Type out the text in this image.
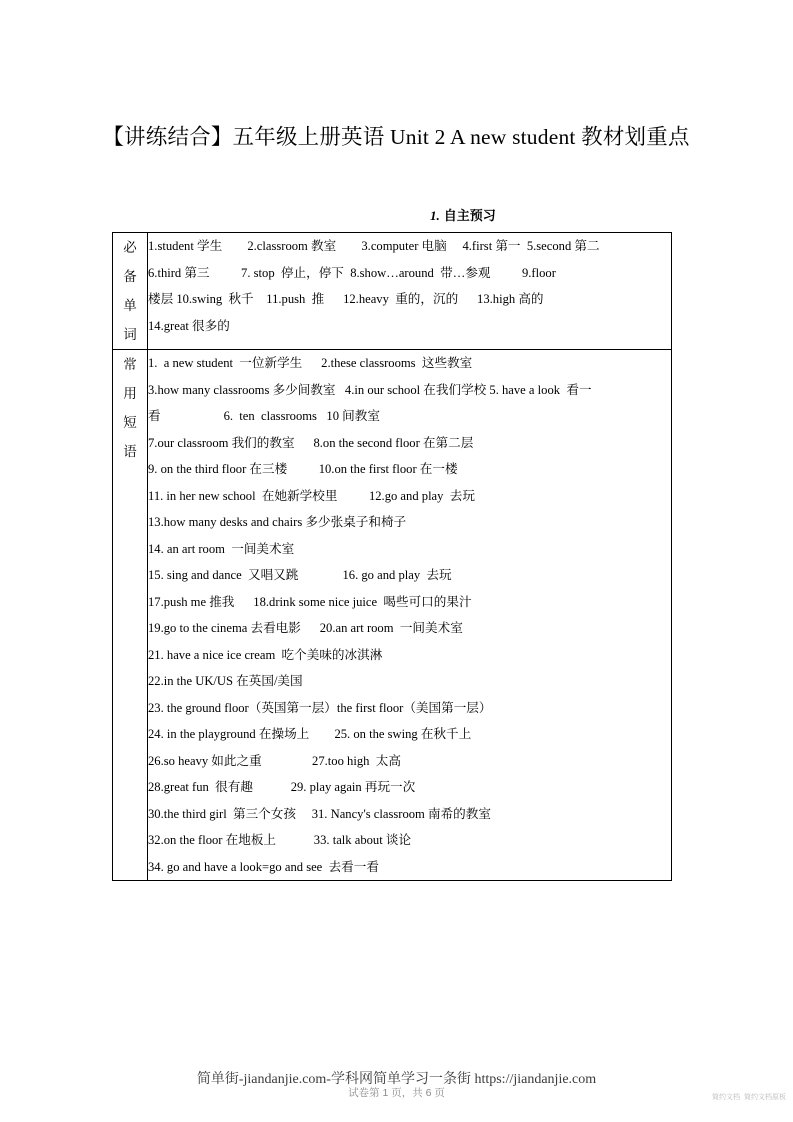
【讲练结合】五年级上册英语 Unit 2 A new student 教材划重点
1. 自主预习
必
备
单
词

1.student 学生        2.classroom 教室        3.computer 电脑     4.first 第一  5.second 第二
6.third 第三          7. stop  停止，停下  8.show…around  带…参观          9.floor
楼层 10.swing  秋千    11.push  推      12.heavy  重的，沉的      13.high 高的
14.great 很多的

常
用
短
语

1.  a new student  一位新学生      2.these classrooms  这些教室
3.how many classrooms 多少间教室   4.in our school 在我们学校 5. have a look  看一
看                    6.  ten  classrooms   10 间教室
7.our classroom 我们的教室      8.on the second floor 在第二层
9. on the third floor 在三楼          10.on the first floor 在一楼
11. in her new school  在她新学校里          12.go and play  去玩
13.how many desks and chairs 多少张桌子和椅子
14. an art room  一间美术室
15. sing and dance  又唱又跳              16. go and play  去玩
17.push me 推我      18.drink some nice juice  喝些可口的果汁
19.go to the cinema 去看电影      20.an art room  一间美术室
21. have a nice ice cream  吃个美味的冰淇淋
22.in the UK/US 在英国/美国
23. the ground floor（英国第一层）the first floor（美国第一层）
24. in the playground 在操场上        25. on the swing 在秋千上
26.so heavy 如此之重                27.too high  太高
28.great fun  很有趣            29. play again 再玩一次
30.the third girl  第三个女孩     31. Nancy's classroom 南希的教室
32.on the floor 在地板上            33. talk about 谈论
34. go and have a look=go and see  去看一看
简单街-jiandanjie.com-学科网简单学习一条街 https://jiandanjie.com
试卷第 1 页，共 6 页	简约文档 简约文档原板
